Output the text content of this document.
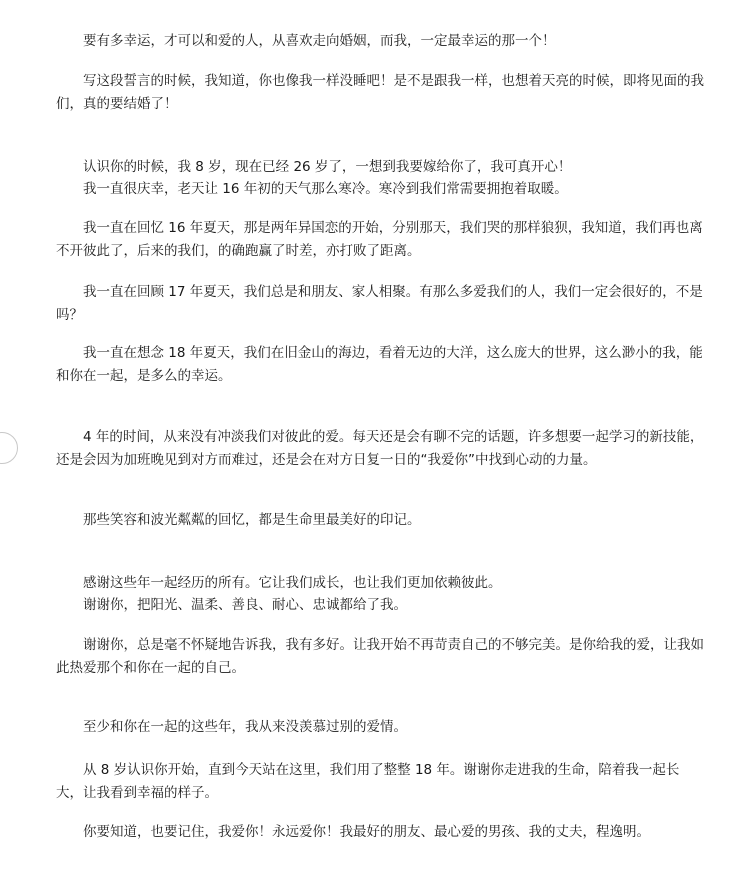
要有多幸运，才可以和爱的人，从喜欢走向婚姻，而我，一定最幸运的那一个！
写这段誓言的时候，我知道，你也像我一样没睡吧！是不是跟我一样，也想着天亮的时候，即将见面的我们，真的要结婚了！
认识你的时候，我 8 岁，现在已经 26 岁了，一想到我要嫁给你了，我可真开心！
我一直很庆幸，老天让 16 年初的天气那么寒冷。寒冷到我们常需要拥抱着取暖。
我一直在回忆 16 年夏天，那是两年异国恋的开始，分别那天，我们哭的那样狼狈，我知道，我们再也离不开彼此了，后来的我们，的确跑赢了时差，亦打败了距离。
我一直在回顾 17 年夏天，我们总是和朋友、家人相聚。有那么多爱我们的人，我们一定会很好的，不是吗？
我一直在想念 18 年夏天，我们在旧金山的海边，看着无边的大洋，这么庞大的世界，这么渺小的我，能和你在一起，是多么的幸运。
4 年的时间，从来没有冲淡我们对彼此的爱。每天还是会有聊不完的话题，许多想要一起学习的新技能，还是会因为加班晚见到对方而难过，还是会在对方日复一日的“我爱你”中找到心动的力量。
那些笑容和波光粼粼的回忆，都是生命里最美好的印记。
感谢这些年一起经历的所有。它让我们成长，也让我们更加依赖彼此。
谢谢你，把阳光、温柔、善良、耐心、忠诚都给了我。
谢谢你，总是毫不怀疑地告诉我，我有多好。让我开始不再苛责自己的不够完美。是你给我的爱，让我如此热爱那个和你在一起的自己。
至少和你在一起的这些年，我从来没羡慕过别的爱情。
从 8 岁认识你开始，直到今天站在这里，我们用了整整 18 年。谢谢你走进我的生命，陪着我一起长大，让我看到幸福的样子。
你要知道，也要记住，我爱你！永远爱你！我最好的朋友、最心爱的男孩、我的丈夫，程逸明。
